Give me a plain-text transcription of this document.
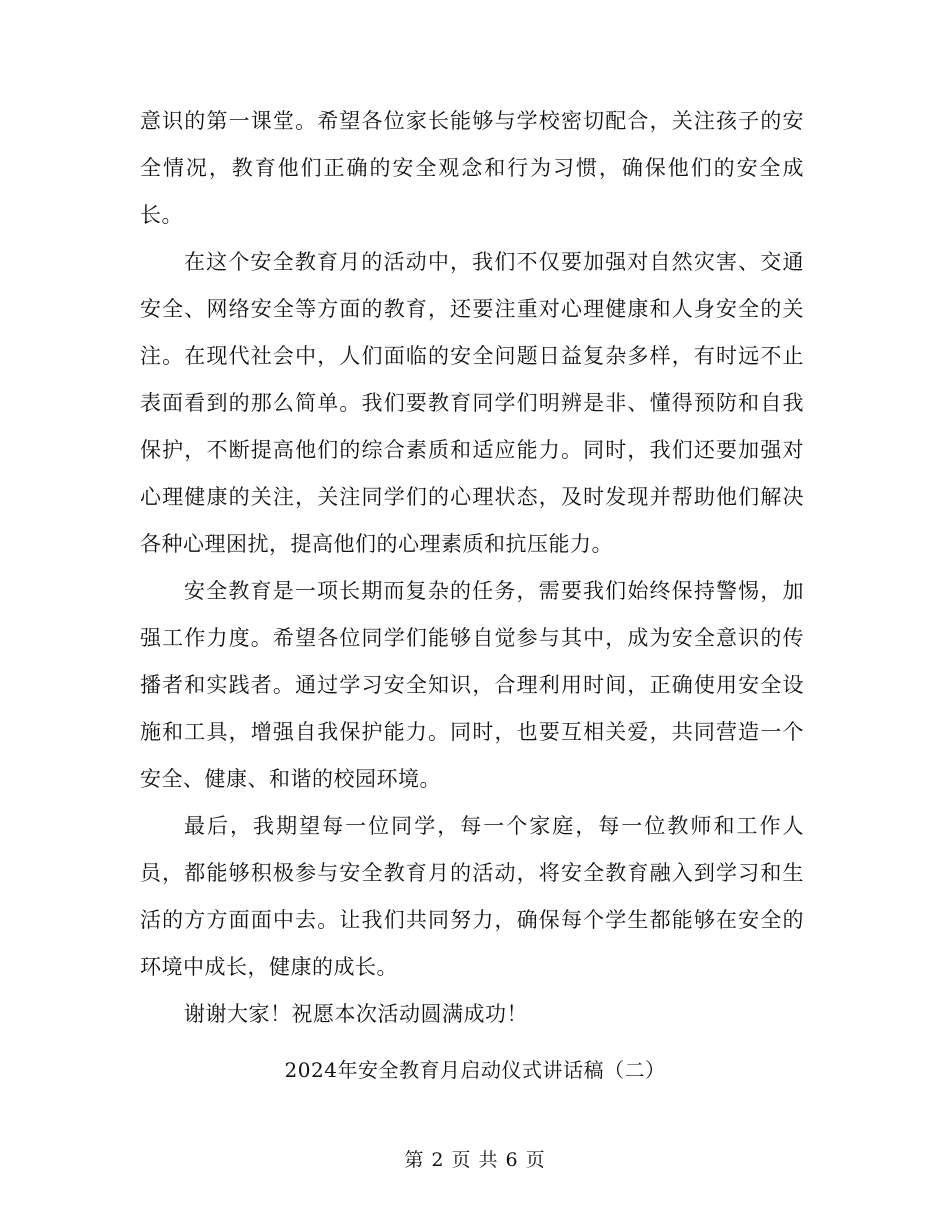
意识的第一课堂。希望各位家长能够与学校密切配合，关注孩子的安全情况，教育他们正确的安全观念和行为习惯，确保他们的安全成长。

在这个安全教育月的活动中，我们不仅要加强对自然灾害、交通安全、网络安全等方面的教育，还要注重对心理健康和人身安全的关注。在现代社会中，人们面临的安全问题日益复杂多样，有时远不止表面看到的那么简单。我们要教育同学们明辨是非、懂得预防和自我保护，不断提高他们的综合素质和适应能力。同时，我们还要加强对心理健康的关注，关注同学们的心理状态，及时发现并帮助他们解决各种心理困扰，提高他们的心理素质和抗压能力。

安全教育是一项长期而复杂的任务，需要我们始终保持警惕，加强工作力度。希望各位同学们能够自觉参与其中，成为安全意识的传播者和实践者。通过学习安全知识，合理利用时间，正确使用安全设施和工具，增强自我保护能力。同时，也要互相关爱，共同营造一个安全、健康、和谐的校园环境。

最后，我期望每一位同学，每一个家庭，每一位教师和工作人员，都能够积极参与安全教育月的活动，将安全教育融入到学习和生活的方方面面中去。让我们共同努力，确保每个学生都能够在安全的环境中成长，健康的成长。

谢谢大家！祝愿本次活动圆满成功！

2024年安全教育月启动仪式讲话稿（二）
第 2 页 共 6 页
